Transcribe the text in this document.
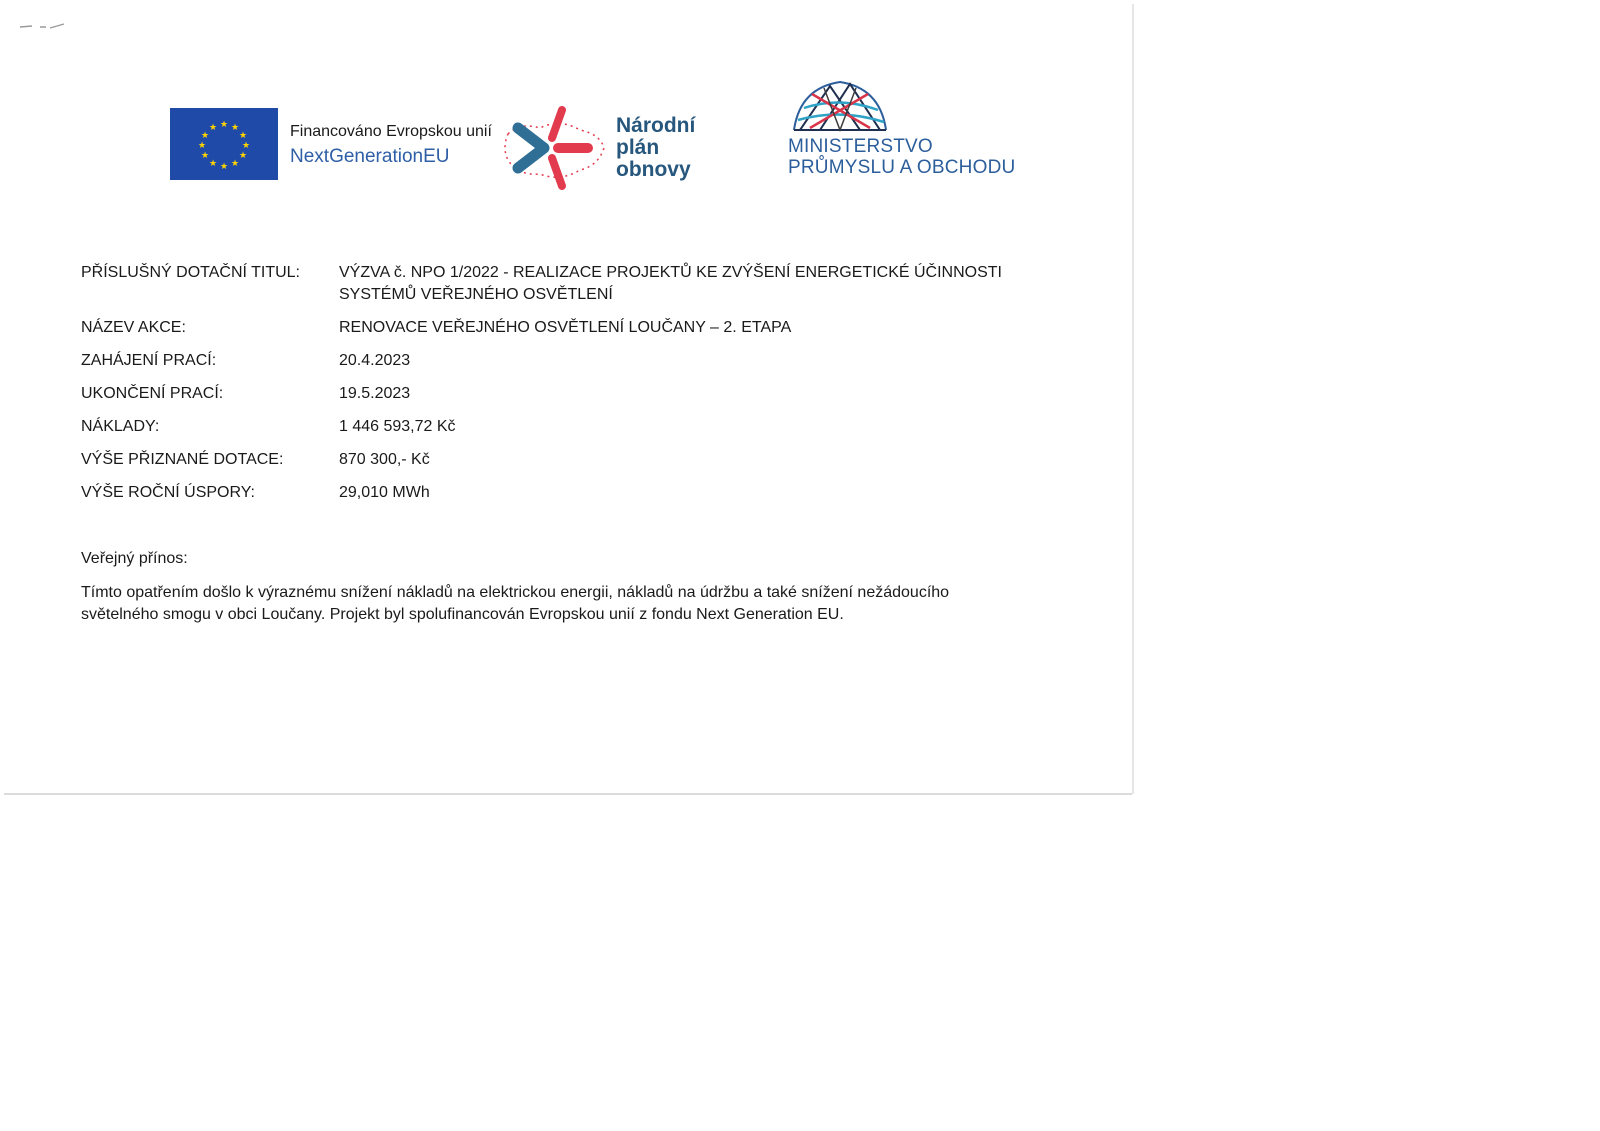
★ ★
★
★
★
★
★
★
★
★
★
★	Financováno Evropskou unií
NextGenerationEU
Národní
plán
obnovy
MINISTERSTVO
PRŮMYSLU A OBCHODU
PŘÍSLUŠNÝ DOTAČNÍ TITUL:	VÝZVA č. NPO 1/2022 - REALIZACE PROJEKTŮ KE ZVÝŠENÍ ENERGETICKÉ ÚČINNOSTI SYSTÉMŮ VEŘEJNÉHO OSVĚTLENÍ
NÁZEV AKCE:	RENOVACE VEŘEJNÉHO OSVĚTLENÍ LOUČANY – 2. ETAPA
ZAHÁJENÍ PRACÍ:	20.4.2023
UKONČENÍ PRACÍ:	19.5.2023
NÁKLADY:	1 446 593,72 Kč
VÝŠE PŘIZNANÉ DOTACE:	870 300,- Kč
VÝŠE ROČNÍ ÚSPORY:	29,010 MWh

Veřejný přínos:

Tímto opatřením došlo k výraznému snížení nákladů na elektrickou energii, nákladů na údržbu a také snížení nežádoucího světelného smogu v obci Loučany. Projekt byl spolufinancován Evropskou unií z fondu Next Generation EU.
